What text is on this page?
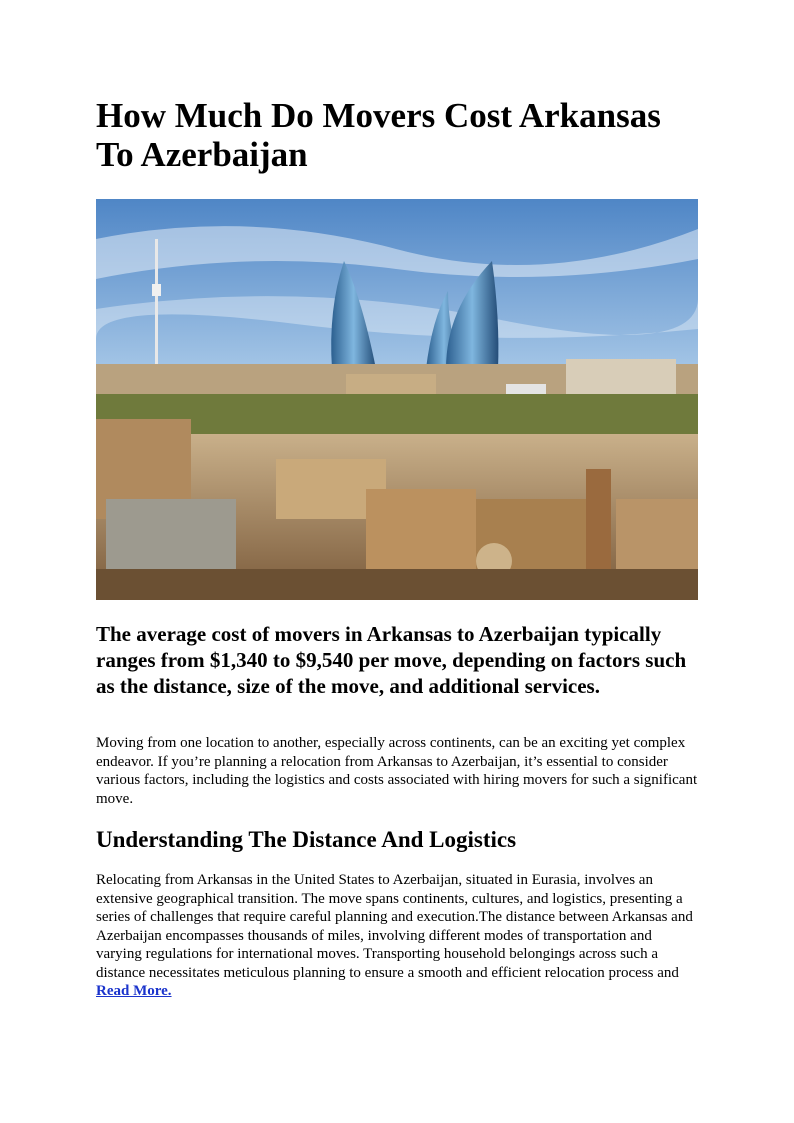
How Much Do Movers Cost Arkansas To Azerbaijan

The average cost of movers in Arkansas to Azerbaijan typically ranges from $1,340 to $9,540 per move, depending on factors such as the distance, size of the move, and additional services.

Moving from one location to another, especially across continents, can be an exciting yet complex endeavor. If you’re planning a relocation from Arkansas to Azerbaijan, it’s essential to consider various factors, including the logistics and costs associated with hiring movers for such a significant move.

Understanding The Distance And Logistics

Relocating from Arkansas in the United States to Azerbaijan, situated in Eurasia, involves an extensive geographical transition. The move spans continents, cultures, and logistics, presenting a series of challenges that require careful planning and execution.The distance between Arkansas and Azerbaijan encompasses thousands of miles, involving different modes of transportation and varying regulations for international moves. Transporting household belongings across such a distance necessitates meticulous planning to ensure a smooth and efficient relocation process and Read More.
